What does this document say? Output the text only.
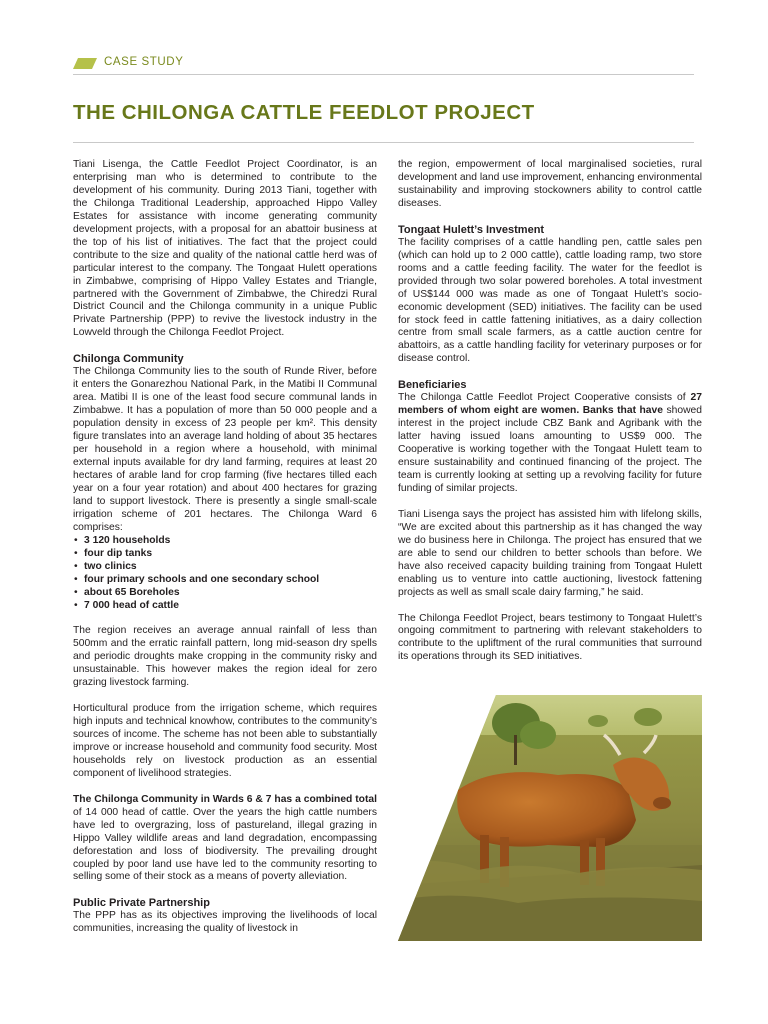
CASE STUDY
THE CHILONGA CATTLE FEEDLOT PROJECT

Tiani Lisenga, the Cattle Feedlot Project Coordinator, is an enterprising man who is determined to contribute to the development of his community. During 2013 Tiani, together with the Chilonga Traditional Leadership, approached Hippo Valley Estates for assistance with income generating community development projects, with a proposal for an abattoir business at the top of his list of initiatives. The fact that the project could contribute to the size and quality of the national cattle herd was of particular interest to the company. The Tongaat Hulett operations in Zimbabwe, comprising of Hippo Valley Estates and Triangle, partnered with the Government of Zimbabwe, the Chiredzi Rural District Council and the Chilonga community in a unique Public Private Partnership (PPP) to revive the livestock industry in the Lowveld through the Chilonga Feedlot Project.

Chilonga Community

The Chilonga Community lies to the south of Runde River, before it enters the Gonarezhou National Park, in the Matibi II Communal area. Matibi II is one of the least food secure communal lands in Zimbabwe. It has a population of more than 50 000 people and a population density in excess of 23 people per km². This density figure translates into an average land holding of about 35 hectares per household in a region where a household, with minimal external inputs available for dry land farming, requires at least 20 hectares of arable land for crop farming (five hectares tilled each year on a four year rotation) and about 400 hectares for grazing land to support livestock. There is presently a single small-scale irrigation scheme of 201 hectares. The Chilonga Ward 6 comprises:

• 3 120 households
• four dip tanks
• two clinics
• four primary schools and one secondary school
• about 65 Boreholes
• 7 000 head of cattle

The region receives an average annual rainfall of less than 500mm and the erratic rainfall pattern, long mid-season dry spells and periodic droughts make cropping in the community risky and unsustainable. This however makes the region ideal for zero grazing livestock farming.

Horticultural produce from the irrigation scheme, which requires high inputs and technical knowhow, contributes to the community’s sources of income. The scheme has not been able to substantially improve or increase household and community food security. Most households rely on livestock production as an essential component of livelihood strategies.

The Chilonga Community in Wards 6 & 7 has a combined total of 14 000 head of cattle. Over the years the high cattle numbers have led to overgrazing, loss of pastureland, illegal grazing in Hippo Valley wildlife areas and land degradation, encompassing deforestation and loss of biodiversity. The prevailing drought coupled by poor land use have led to the community resorting to selling some of their stock as a means of poverty alleviation.

Public Private Partnership

The PPP has as its objectives improving the livelihoods of local communities, increasing the quality of livestock in

the region, empowerment of local marginalised societies, rural development and land use improvement, enhancing environmental sustainability and improving stockowners ability to control cattle diseases.

Tongaat Hulett’s Investment

The facility comprises of a cattle handling pen, cattle sales pen (which can hold up to 2 000 cattle), cattle loading ramp, two store rooms and a cattle feeding facility. The water for the feedlot is provided through two solar powered boreholes. A total investment of US$144 000 was made as one of Tongaat Hulett’s socio-economic development (SED) initiatives. The facility can be used for stock feed in cattle fattening initiatives, as a dairy collection centre from small scale farmers, as a cattle auction centre for abattoirs, as a cattle handling facility for veterinary purposes or for disease control.

Beneficiaries

The Chilonga Cattle Feedlot Project Cooperative consists of 27 members of whom eight are women. Banks that have showed interest in the project include CBZ Bank and Agribank with the latter having issued loans amounting to US$9 000. The Cooperative is working together with the Tongaat Hulett team to ensure sustainability and continued financing of the project. The team is currently looking at setting up a revolving facility for future funding of similar projects.

Tiani Lisenga says the project has assisted him with lifelong skills, “We are excited about this partnership as it has changed the way we do business here in Chilonga. The project has ensured that we are able to send our children to better schools than before. We have also received capacity building training from Tongaat Hulett enabling us to venture into cattle auctioning, livestock fattening projects as well as small scale dairy farming,” he said.

The Chilonga Feedlot Project, bears testimony to Tongaat Hulett’s ongoing commitment to partnering with relevant stakeholders to contribute to the upliftment of the rural communities that surround its operations through its SED initiatives.
